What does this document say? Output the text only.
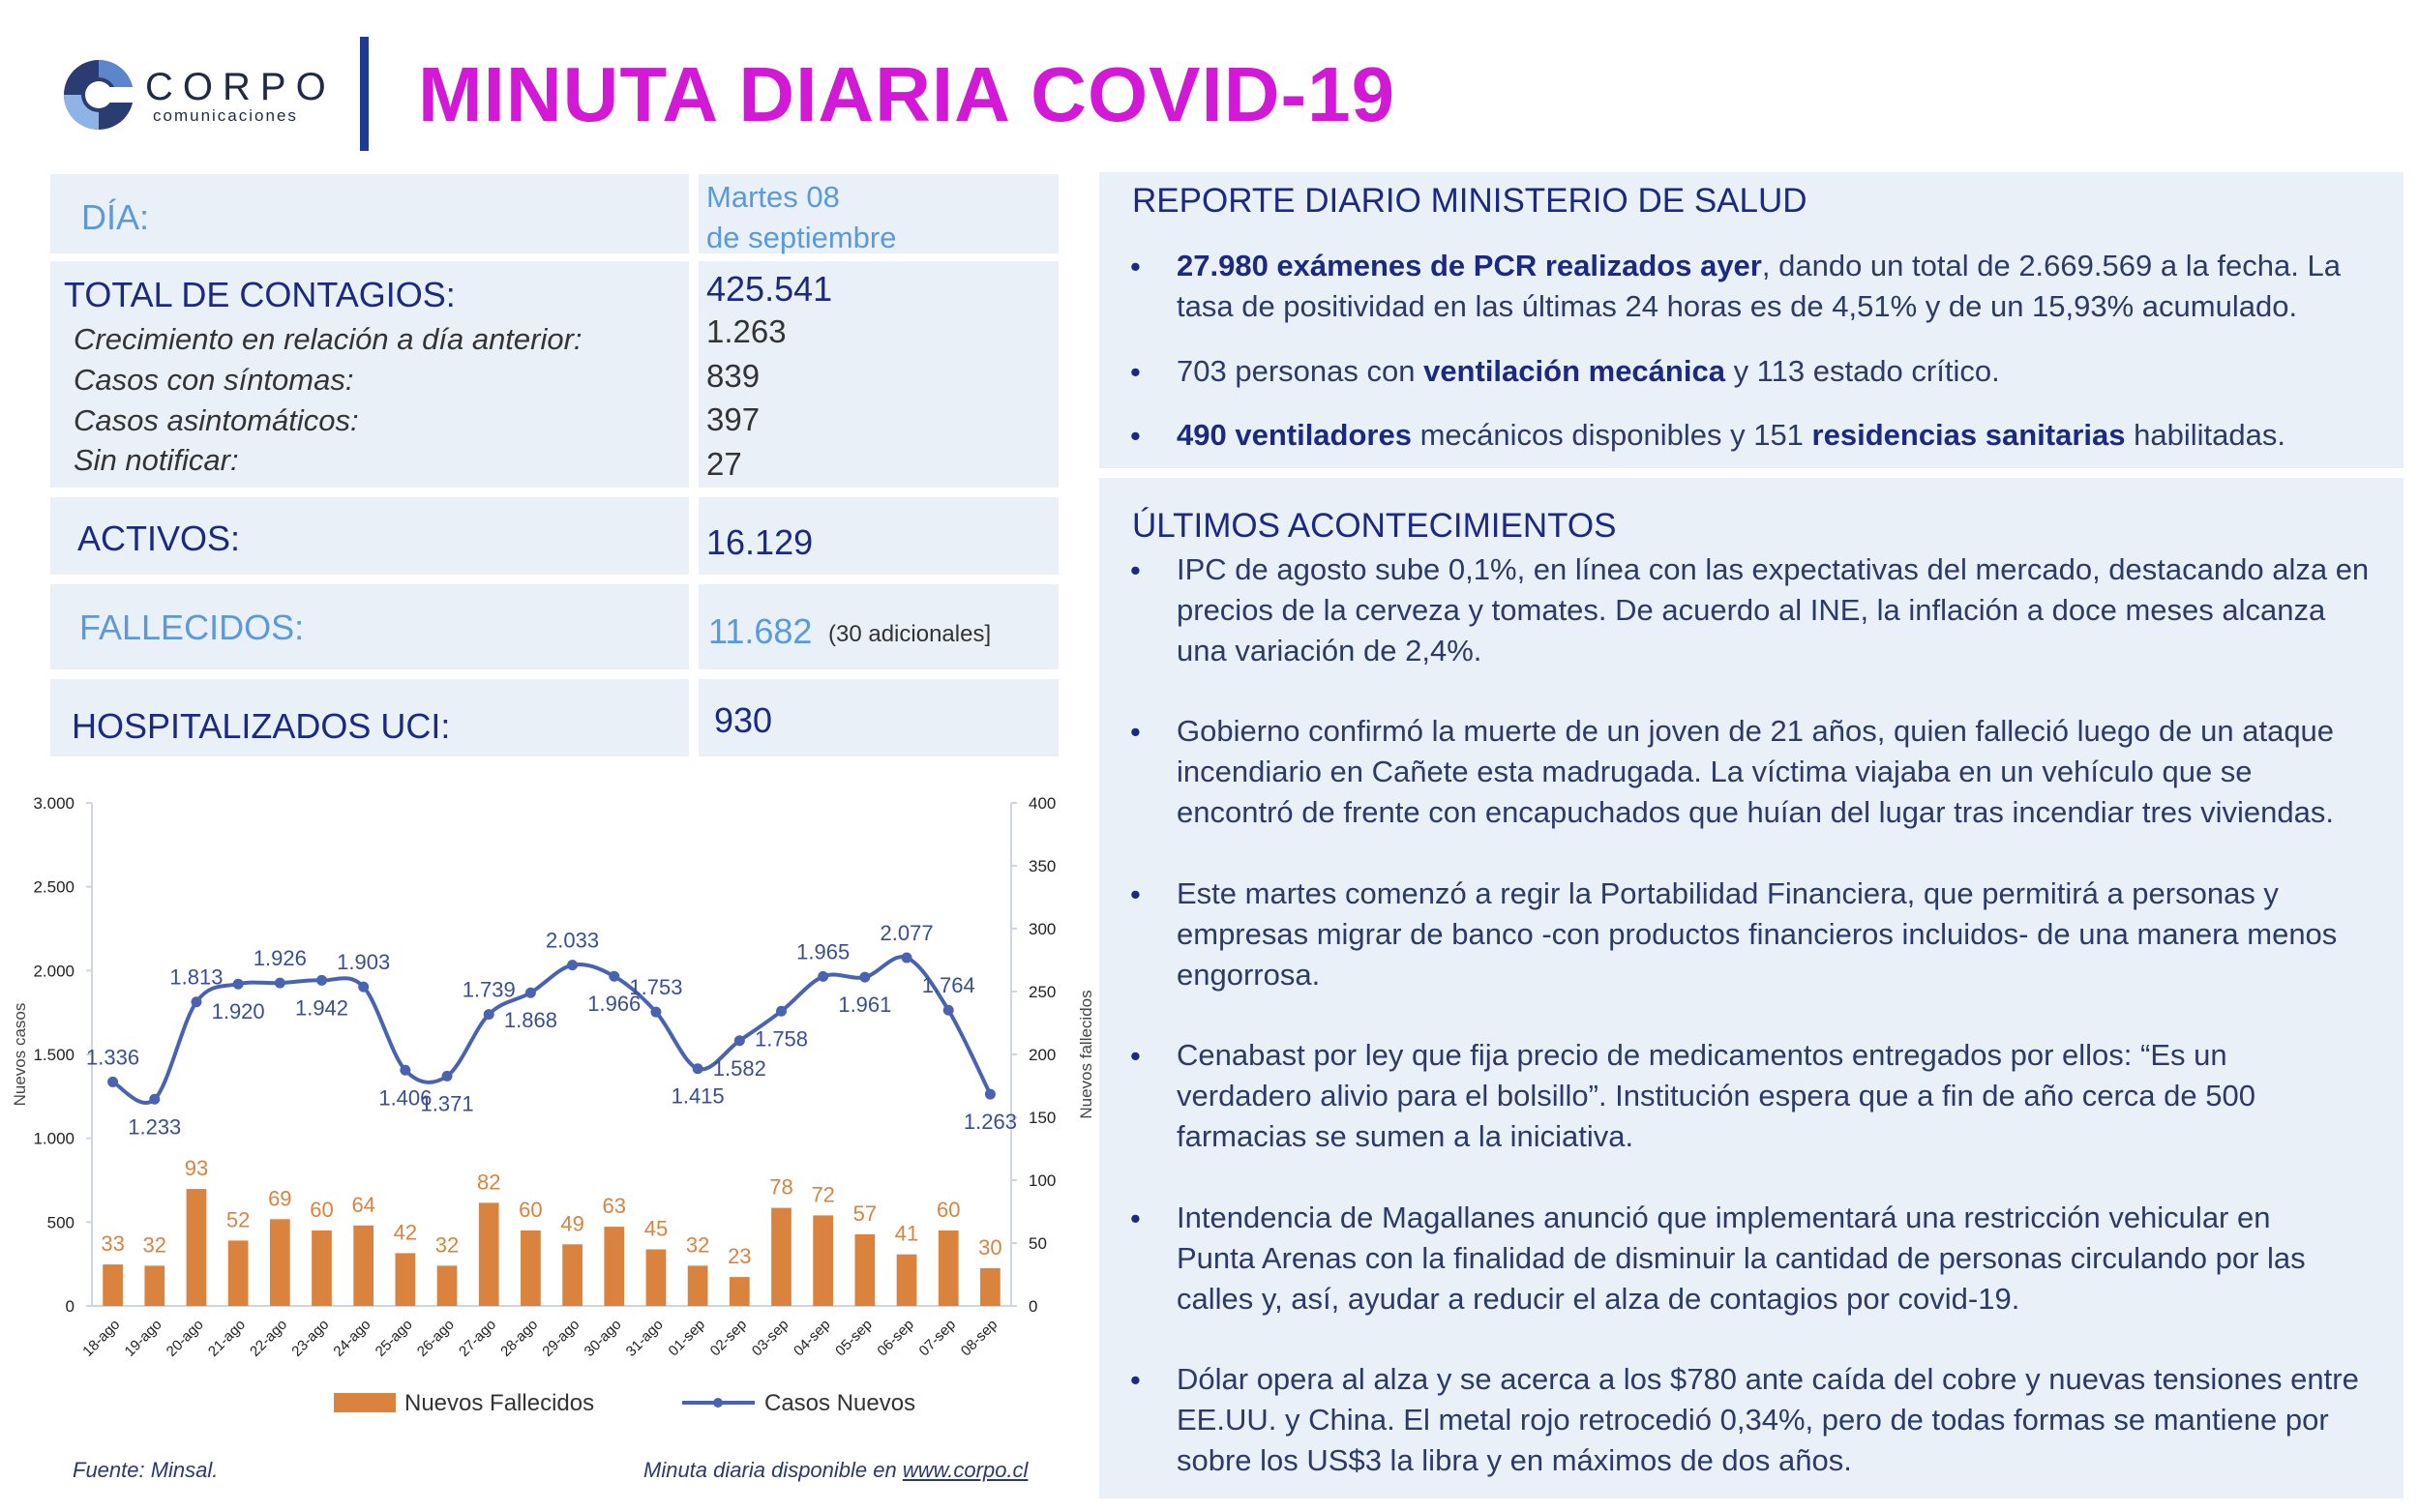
CORPO
comunicaciones MINUTA DIARIA COVID-19
DÍA:
Martes 08
de septiembre
TOTAL DE CONTAGIOS:	425.541
Crecimiento en relación a día anterior:	1.263
Casos con síntomas:	839
Casos asintomáticos:	397
Sin notificar:	27
ACTIVOS:	16.129
FALLECIDOS:	11.682 (30 adicionales]
HOSPITALIZADOS UCI:	930
0
500
1.000
1.500
2.000
2.500
3.000
0
50
100
150
200
250
300
350
400
Nuevos casos	Nuevos fallecidos
33 32
93
52
69 60 64
42
32
82
60
49
63
45
32 23
78 72
57
41
60
30
1.336
1.233
1.813
1.920
1.926
1.942
1.903
1.406
1.371
1.739
1.868
2.033
1.966
1.753
1.415
1.582
1.758
1.965
1.961
2.077
1.764
1.263
18-ago
19-ago
20-ago
21-ago
22-ago
23-ago
24-ago
25-ago
26-ago
27-ago
28-ago
29-ago
30-ago
31-ago
01-sep
02-sep
03-sep
04-sep
05-sep
06-sep
07-sep
08-sep
Nuevos Fallecidos	Casos Nuevos
Fuente: Minsal.	Minuta diaria disponible en www.corpo.cl
REPORTE DIARIO MINISTERIO DE SALUD
• 27.980 exámenes de PCR realizados ayer, dando un total de 2.669.569 a la fecha. La
tasa de positividad en las últimas 24 horas es de 4,51% y de un 15,93% acumulado.
• 703 personas con ventilación mecánica y 113 estado crítico.
• 490 ventiladores mecánicos disponibles y 151 residencias sanitarias habilitadas.
ÚLTIMOS ACONTECIMIENTOS
• IPC de agosto sube 0,1%, en línea con las expectativas del mercado, destacando alza en
precios de la cerveza y tomates. De acuerdo al INE, la inflación a doce meses alcanza
una variación de 2,4%.
• Gobierno confirmó la muerte de un joven de 21 años, quien falleció luego de un ataque
incendiario en Cañete esta madrugada. La víctima viajaba en un vehículo que se
encontró de frente con encapuchados que huían del lugar tras incendiar tres viviendas.
• Este martes comenzó a regir la Portabilidad Financiera, que permitirá a personas y
empresas migrar de banco -con productos financieros incluidos- de una manera menos
engorrosa.
• Cenabast por ley que fija precio de medicamentos entregados por ellos: “Es un
verdadero alivio para el bolsillo”. Institución espera que a fin de año cerca de 500
farmacias se sumen a la iniciativa.
• Intendencia de Magallanes anunció que implementará una restricción vehicular en
Punta Arenas con la finalidad de disminuir la cantidad de personas circulando por las
calles y, así, ayudar a reducir el alza de contagios por covid-19.
• Dólar opera al alza y se acerca a los $780 ante caída del cobre y nuevas tensiones entre
EE.UU. y China. El metal rojo retrocedió 0,34%, pero de todas formas se mantiene por
sobre los US$3 la libra y en máximos de dos años.
